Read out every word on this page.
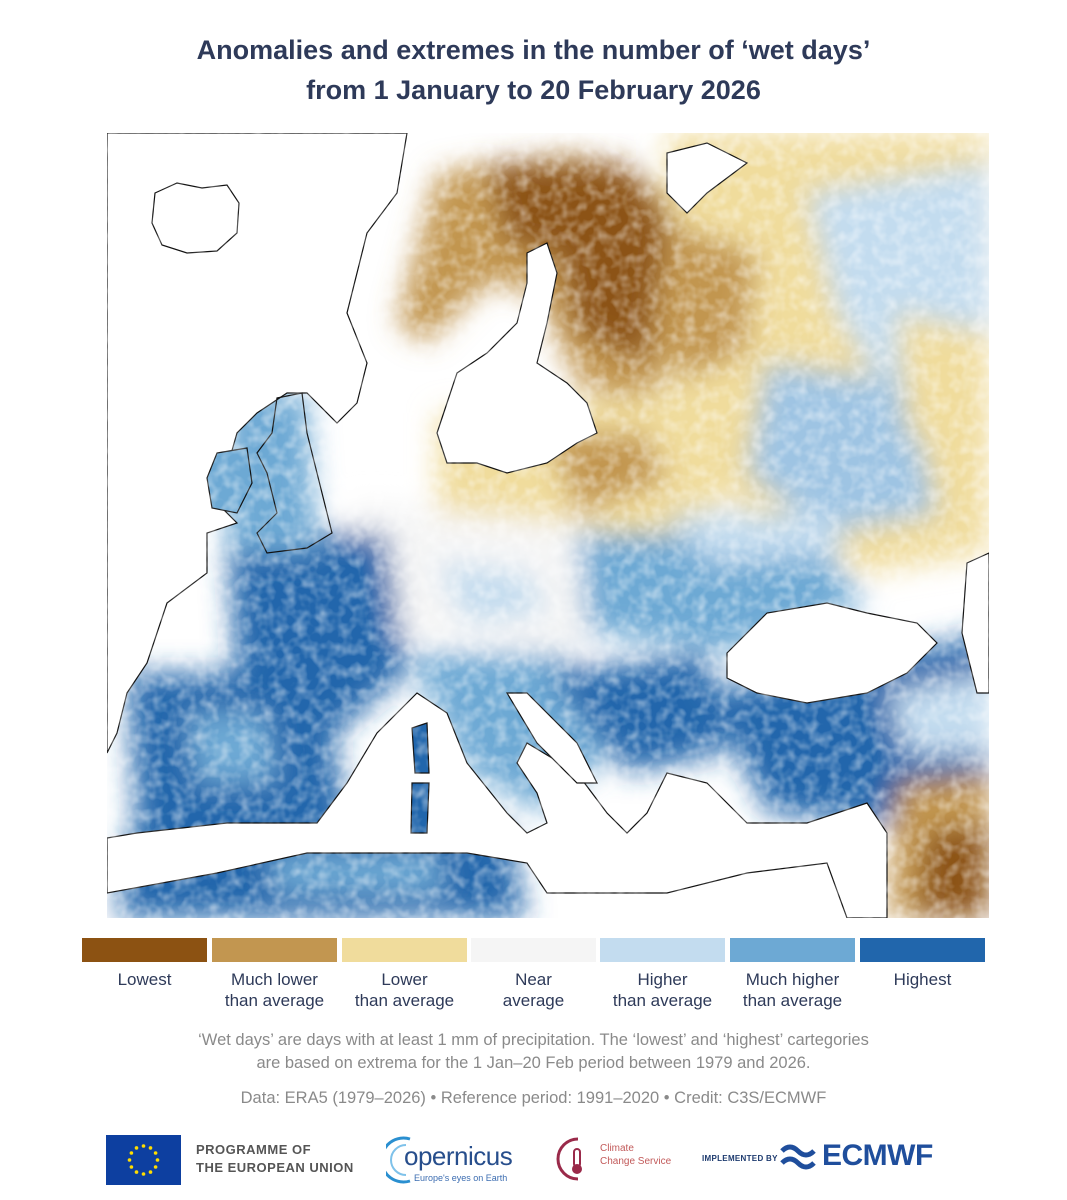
Anomalies and extremes in the number of ‘wet days’
from 1 January to 20 February 2026
Lowest	Much lower
than average
Lower
than average
Near
average
Higher
than average
Much higher
than average
Highest
‘Wet days’ are days with at least 1 mm of precipitation. The ‘lowest’ and ‘highest’ cartegories
are based on extrema for the 1 Jan–20 Feb period between 1979 and 2026.
Data: ERA5 (1979–2026) • Reference period: 1991–2020 • Credit: C3S/ECMWF
PROGRAMME OF
THE EUROPEAN UNION opernicus
Europe's eyes on Earth
Climate
Change Service	IMPLEMENTED BY ECMWF
